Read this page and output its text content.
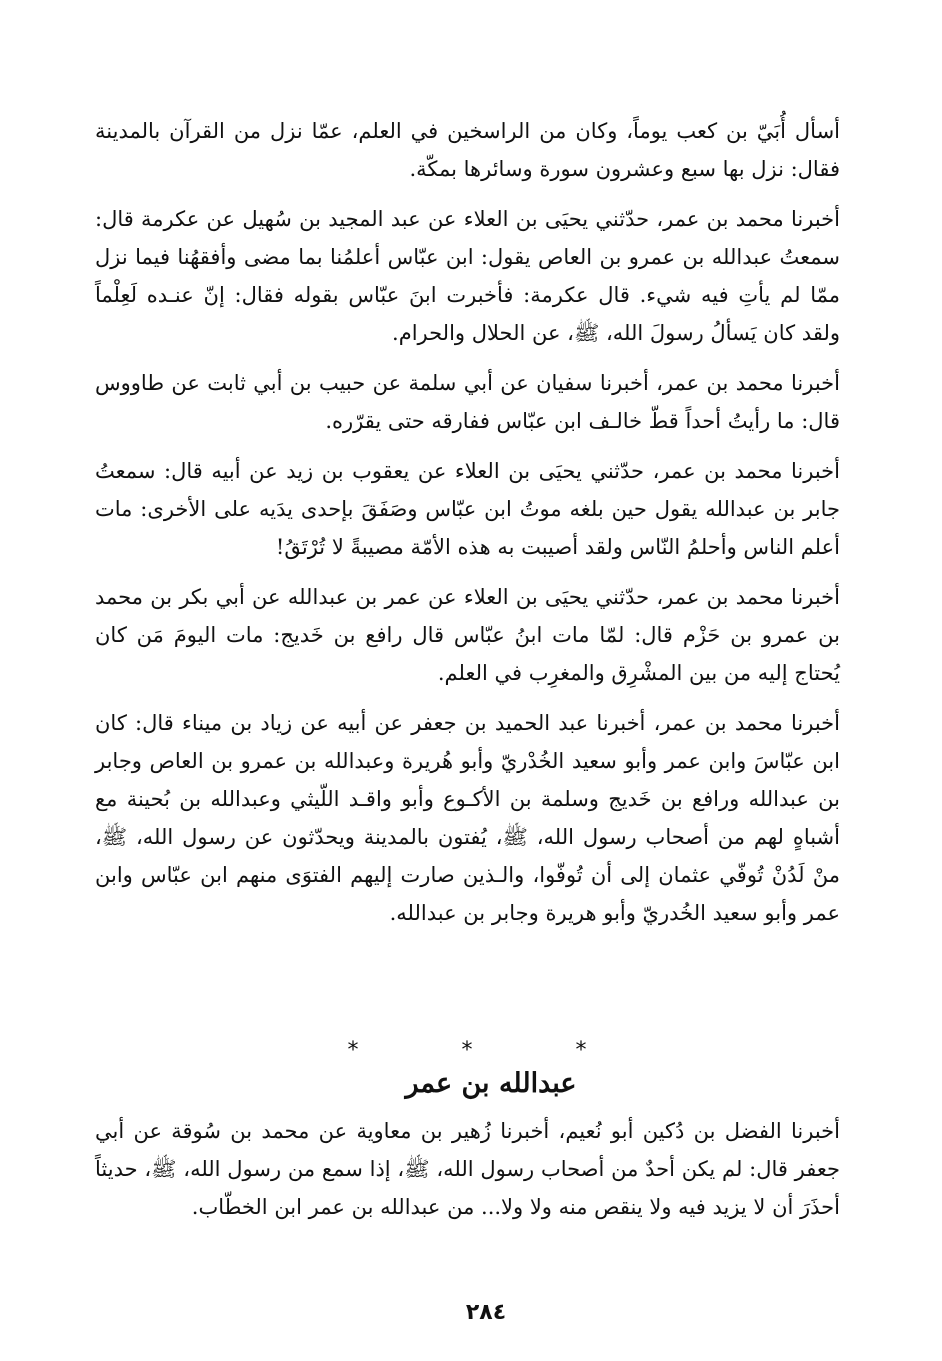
أسأل أُبَيّ بن كعب يوماً، وكان من الراسخين في العلم، عمّا نزل من القرآن بالمدينة فقال: نزل بها سبع وعشرون سورة وسائرها بمكّة.

أخبرنا محمد بن عمر، حدّثني يحيَى بن العلاء عن عبد المجيد بن سُهيل عن عكرمة قال: سمعتُ عبدالله بن عمرو بن العاص يقول: ابن عبّاس أعلمُنا بما مضى وأفقهُنا فيما نزل ممّا لم يأتِ فيه شيء. قال عكرمة: فأخبرت ابنَ عبّاس بقوله فقال: إنّ عنـده لَعِلْماً ولقد كان يَسألُ رسولَ الله، ﷺ، عن الحلال والحرام.

أخبرنا محمد بن عمر، أخبرنا سفيان عن أبي سلمة عن حبيب بن أبي ثابت عن طاووس قال: ما رأيتُ أحداً قطّ خالـف ابن عبّاس ففارقه حتى يقرّره.

أخبرنا محمد بن عمر، حدّثني يحيَى بن العلاء عن يعقوب بن زيد عن أبيه قال: سمعتُ جابر بن عبدالله يقول حين بلغه موتُ ابن عبّاس وصَفَقَ بإحدى يدَيه على الأخرى: مات أعلم الناس وأحلمُ النّاس ولقد أصيبت به هذه الأمّة مصيبةً لا تُرْتَقُ!

أخبرنا محمد بن عمر، حدّثني يحيَى بن العلاء عن عمر بن عبدالله عن أبي بكر بن محمد بن عمرو بن حَزْم قال: لمّا مات ابنُ عبّاس قال رافع بن خَديج: مات اليومَ مَن كان يُحتاج إليه من بين المشْرِق والمغرِب في العلم.

أخبرنا محمد بن عمر، أخبرنا عبد الحميد بن جعفر عن أبيه عن زياد بن ميناء قال: كان ابن عبّاسَ وابن عمر وأبو سعيد الخُدْريّ وأبو هُريرة وعبدالله بن عمرو بن العاص وجابر بن عبدالله ورافع بن خَديج وسلمة بن الأكـوع وأبو واقـد اللّيثي وعبدالله بن بُحينة مع أشباهٍ لهم من أصحاب رسول الله، ﷺ، يُفتون بالمدينة ويحدّثون عن رسول الله، ﷺ، منْ لَدُنْ تُوفّي عثمان إلى أن تُوفّوا، والـذين صارت إليهم الفتوَى منهم ابن عبّاس وابن عمر وأبو سعيد الخُدريّ وأبو هريرة وجابر بن عبدالله.

* * *
عبدالله بن عمر

أخبرنا الفضل بن دُكين أبو نُعيم، أخبرنا زُهير بن معاوية عن محمد بن سُوقة عن أبي جعفر قال: لم يكن أحدٌ من أصحاب رسول الله، ﷺ، إذا سمع من رسول الله، ﷺ، حديثاً أحذَرَ أن لا يزيد فيه ولا ينقص منه ولا ولا... من عبدالله بن عمر ابن الخطّاب.

٢٨٤
